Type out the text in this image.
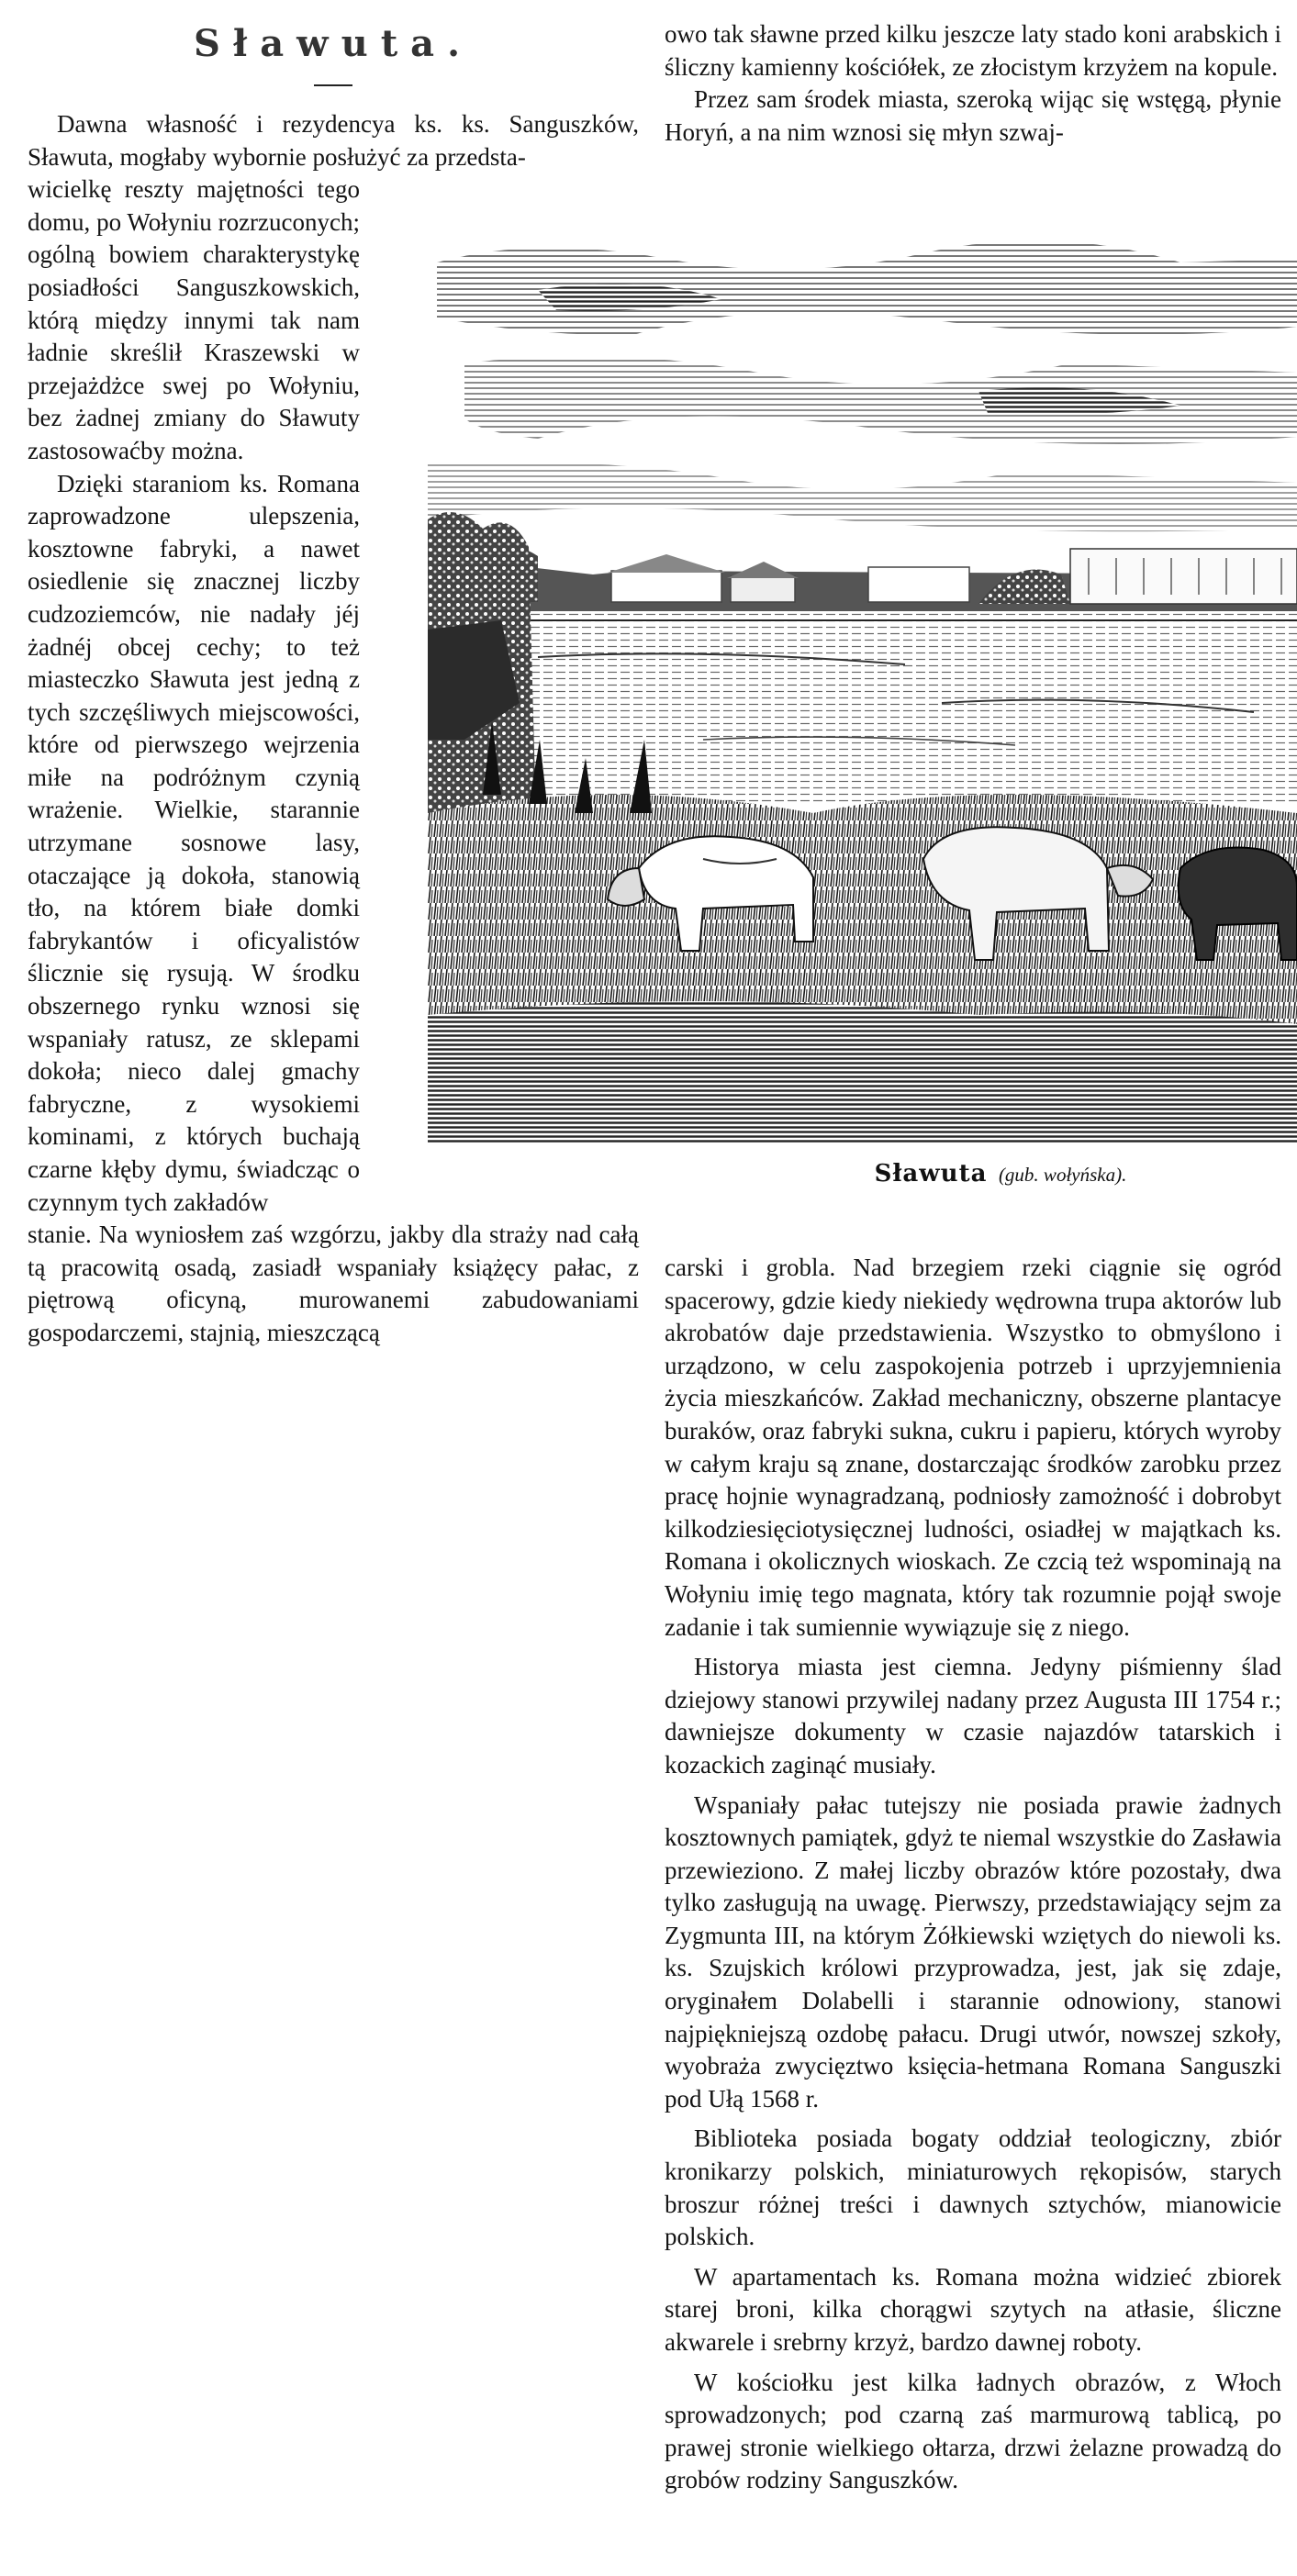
Sławuta.

Dawna własność i rezydencya ks. ks. Sanguszków, Sławuta, mogłaby wybornie posłużyć za przedsta-

wicielkę reszty majętności tego domu, po Wołyniu rozrzuconych; ogólną bowiem charakterystykę posiadłości Sanguszkowskich, którą między innymi tak nam ładnie skreślił Kraszewski w przejażdżce swej po Wołyniu, bez żadnej zmiany do Sławuty zastosowaćby można.

Dzięki staraniom ks. Romana zaprowadzone ulepszenia, kosztowne fabryki, a nawet osiedlenie się znacznej liczby cudzoziemców, nie nadały jéj żadnéj obcej cechy; to też miasteczko Sławuta jest jedną z tych szczęśliwych miejscowości, które od pierwszego wejrzenia miłe na podróżnym czynią wrażenie. Wielkie, starannie utrzymane sosnowe lasy, otaczające ją dokoła, stanowią tło, na którem białe domki fabrykantów i oficyalistów ślicznie się rysują. W środku obszernego rynku wznosi się wspaniały ratusz, ze sklepami dokoła; nieco dalej gmachy fabryczne, z wysokiemi kominami, z których buchają czarne kłęby dymu, świadcząc o czynnym tych zakładów

stanie. Na wyniosłem zaś wzgórzu, jakby dla straży nad całą tą pracowitą osadą, zasiadł wspaniały książęcy pałac, z piętrową oficyną, murowanemi zabudowaniami gospodarczemi, stajnią, mieszczącą

owo tak sławne przed kilku jeszcze laty stado koni arabskich i śliczny kamienny kościółek, ze złocistym krzyżem na kopule.

Przez sam środek miasta, szeroką wijąc się wstęgą, płynie Horyń, a na nim wznosi się młyn szwaj-

Sławuta (gub. wołyńska).

carski i grobla. Nad brzegiem rzeki ciągnie się ogród spacerowy, gdzie kiedy niekiedy wędrowna trupa aktorów lub akrobatów daje przedstawienia. Wszystko to obmyślono i urządzono, w celu zaspokojenia potrzeb i uprzyjemnienia życia mieszkańców. Zakład mechaniczny, obszerne plantacye buraków, oraz fabryki sukna, cukru i papieru, których wyroby w całym kraju są znane, dostarczając środków zarobku przez pracę hojnie wynagradzaną, podniosły zamożność i dobrobyt kilkodziesięciotysięcznej ludności, osiadłej w majątkach ks. Romana i okolicznych wioskach. Ze czcią też wspominają na Wołyniu imię tego magnata, który tak rozumnie pojął swoje zadanie i tak sumiennie wywiązuje się z niego.

Historya miasta jest ciemna. Jedyny piśmienny ślad dziejowy stanowi przywilej nadany przez Augusta III 1754 r.; dawniejsze dokumenty w czasie najazdów tatarskich i kozackich zaginąć musiały.

Wspaniały pałac tutejszy nie posiada prawie żadnych kosztownych pamiątek, gdyż te niemal wszystkie do Zasławia przewieziono. Z małej liczby obrazów które pozostały, dwa tylko zasługują na uwagę. Pierwszy, przedstawiający sejm za Zygmunta III, na którym Żółkiewski wziętych do niewoli ks. ks. Szujskich królowi przyprowadza, jest, jak się zdaje, oryginałem Dolabelli i starannie odnowiony, stanowi najpiękniejszą ozdobę pałacu. Drugi utwór, nowszej szkoły, wyobraża zwycięztwo księcia-hetmana Romana Sanguszki pod Ułą 1568 r.

Biblioteka posiada bogaty oddział teologiczny, zbiór kronikarzy polskich, miniaturowych rękopisów, starych broszur różnej treści i dawnych sztychów, mianowicie polskich.

W apartamentach ks. Romana można widzieć zbiorek starej broni, kilka chorągwi szytych na atłasie, śliczne akwarele i srebrny krzyż, bardzo dawnej roboty.

W kościołku jest kilka ładnych obrazów, z Włoch sprowadzonych; pod czarną zaś marmurową tablicą, po prawej stronie wielkiego ołtarza, drzwi żelazne prowadzą do grobów rodziny Sanguszków.
